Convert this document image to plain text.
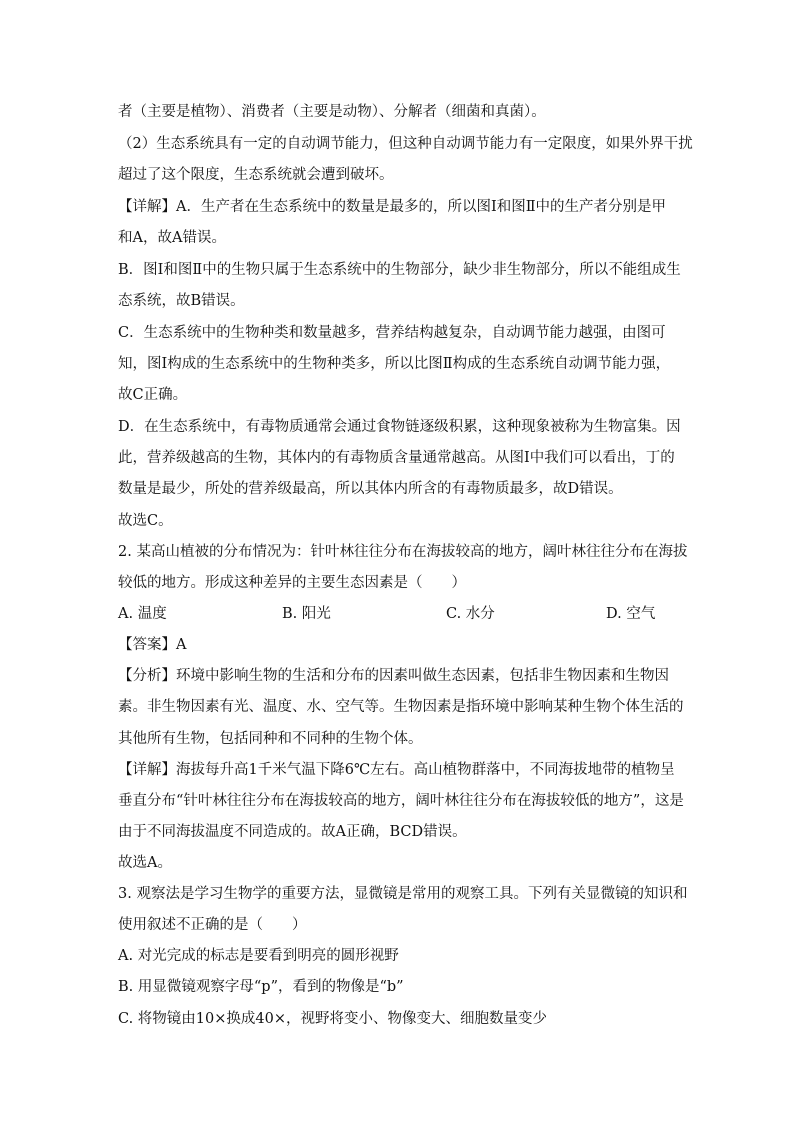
者（主要是植物）、消费者（主要是动物）、分解者（细菌和真菌）。
（2）生态系统具有一定的自动调节能力，但这种自动调节能力有一定限度，如果外界干扰
超过了这个限度，生态系统就会遭到破坏。
【详解】A．生产者在生态系统中的数量是最多的，所以图Ⅰ和图Ⅱ中的生产者分别是甲
和A，故A错误。
B．图Ⅰ和图Ⅱ中的生物只属于生态系统中的生物部分，缺少非生物部分，所以不能组成生
态系统，故B错误。
C．生态系统中的生物种类和数量越多，营养结构越复杂，自动调节能力越强，由图可
知，图Ⅰ构成的生态系统中的生物种类多，所以比图Ⅱ构成的生态系统自动调节能力强，
故C正确。
D．在生态系统中，有毒物质通常会通过食物链逐级积累，这种现象被称为生物富集。因
此，营养级越高的生物，其体内的有毒物质含量通常越高。从图Ⅰ中我们可以看出，丁的
数量是最少，所处的营养级最高，所以其体内所含的有毒物质最多，故D错误。
故选C。
2. 某高山植被的分布情况为：针叶林往往分布在海拔较高的地方，阔叶林往往分布在海拔
较低的地方。形成这种差异的主要生态因素是（　　）
A. 温度	B. 阳光	C. 水分	D. 空气
【答案】A
【分析】环境中影响生物的生活和分布的因素叫做生态因素，包括非生物因素和生物因
素。非生物因素有光、温度、水、空气等。生物因素是指环境中影响某种生物个体生活的
其他所有生物，包括同种和不同种的生物个体。
【详解】海拔每升高1千米气温下降6℃左右。高山植物群落中，不同海拔地带的植物呈
垂直分布“针叶林往往分布在海拔较高的地方，阔叶林往往分布在海拔较低的地方”，这是
由于不同海拔温度不同造成的。故A正确，BCD错误。
故选A。
3. 观察法是学习生物学的重要方法，显微镜是常用的观察工具。下列有关显微镜的知识和
使用叙述不正确的是（　　）
A. 对光完成的标志是要看到明亮的圆形视野
B. 用显微镜观察字母“p”，看到的物像是“b”
C. 将物镜由10×换成40×，视野将变小、物像变大、细胞数量变少
